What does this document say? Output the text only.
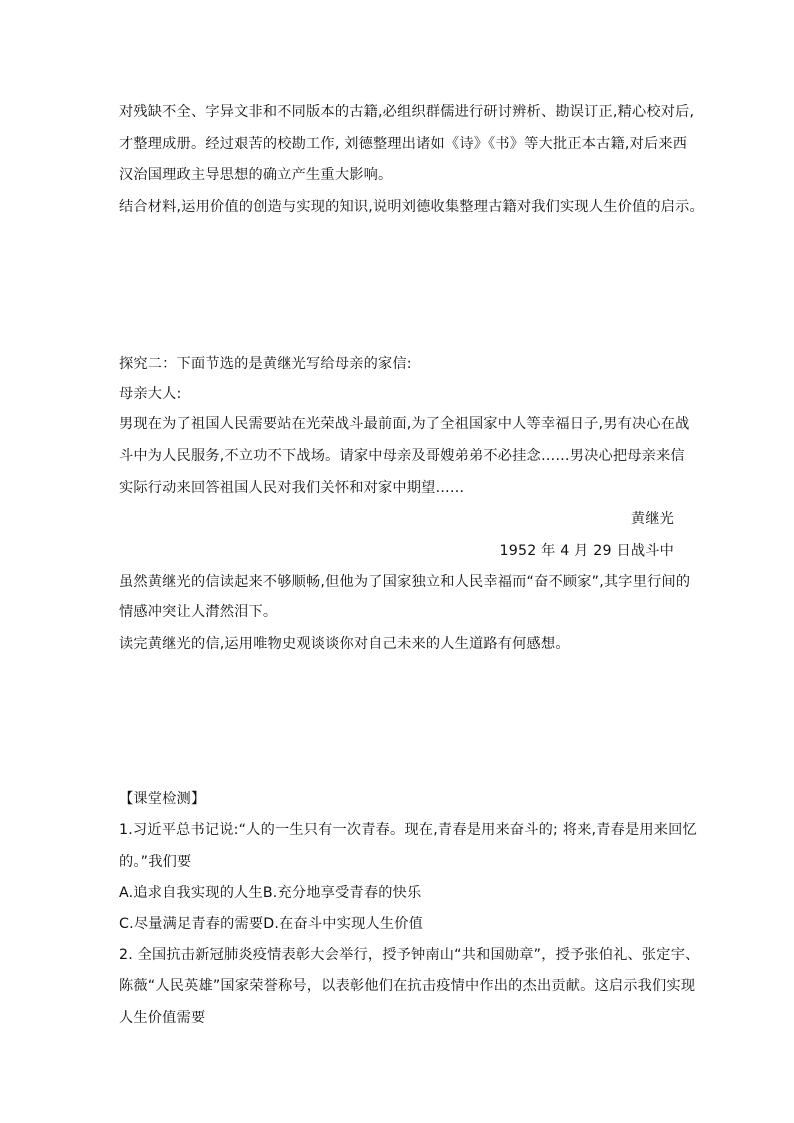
对残缺不全、字异文非和不同版本的古籍,必组织群儒进行研讨辨析、勘误订正,精心校对后,
才整理成册。经过艰苦的校勘工作, 刘德整理出诸如《诗》《书》等大批正本古籍,对后来西
汉治国理政主导思想的确立产生重大影响。
结合材料,运用价值的创造与实现的知识,说明刘德收集整理古籍对我们实现人生价值的启示。
探究二：下面节选的是黄继光写给母亲的家信:
母亲大人:
男现在为了祖国人民需要站在光荣战斗最前面,为了全祖国家中人等幸福日子,男有决心在战
斗中为人民服务,不立功不下战场。请家中母亲及哥嫂弟弟不必挂念……男决心把母亲来信
实际行动来回答祖国人民对我们关怀和对家中期望……
黄继光
1952 年 4 月 29 日战斗中
虽然黄继光的信读起来不够顺畅,但他为了国家独立和人民幸福而“奋不顾家”,其字里行间的
情感冲突让人潸然泪下。
读完黄继光的信,运用唯物史观谈谈你对自己未来的人生道路有何感想。
【课堂检测】
1.习近平总书记说:“人的一生只有一次青春。现在,青春是用来奋斗的; 将来,青春是用来回忆
的。”我们要
A.追求自我实现的人生B.充分地享受青春的快乐
C.尽量满足青春的需要D.在奋斗中实现人生价值
2. 全国抗击新冠肺炎疫情表彰大会举行，授予钟南山“共和国勋章”，授予张伯礼、张定宇、
陈薇“人民英雄”国家荣誉称号，以表彰他们在抗击疫情中作出的杰出贡献。这启示我们实现
人生价值需要
